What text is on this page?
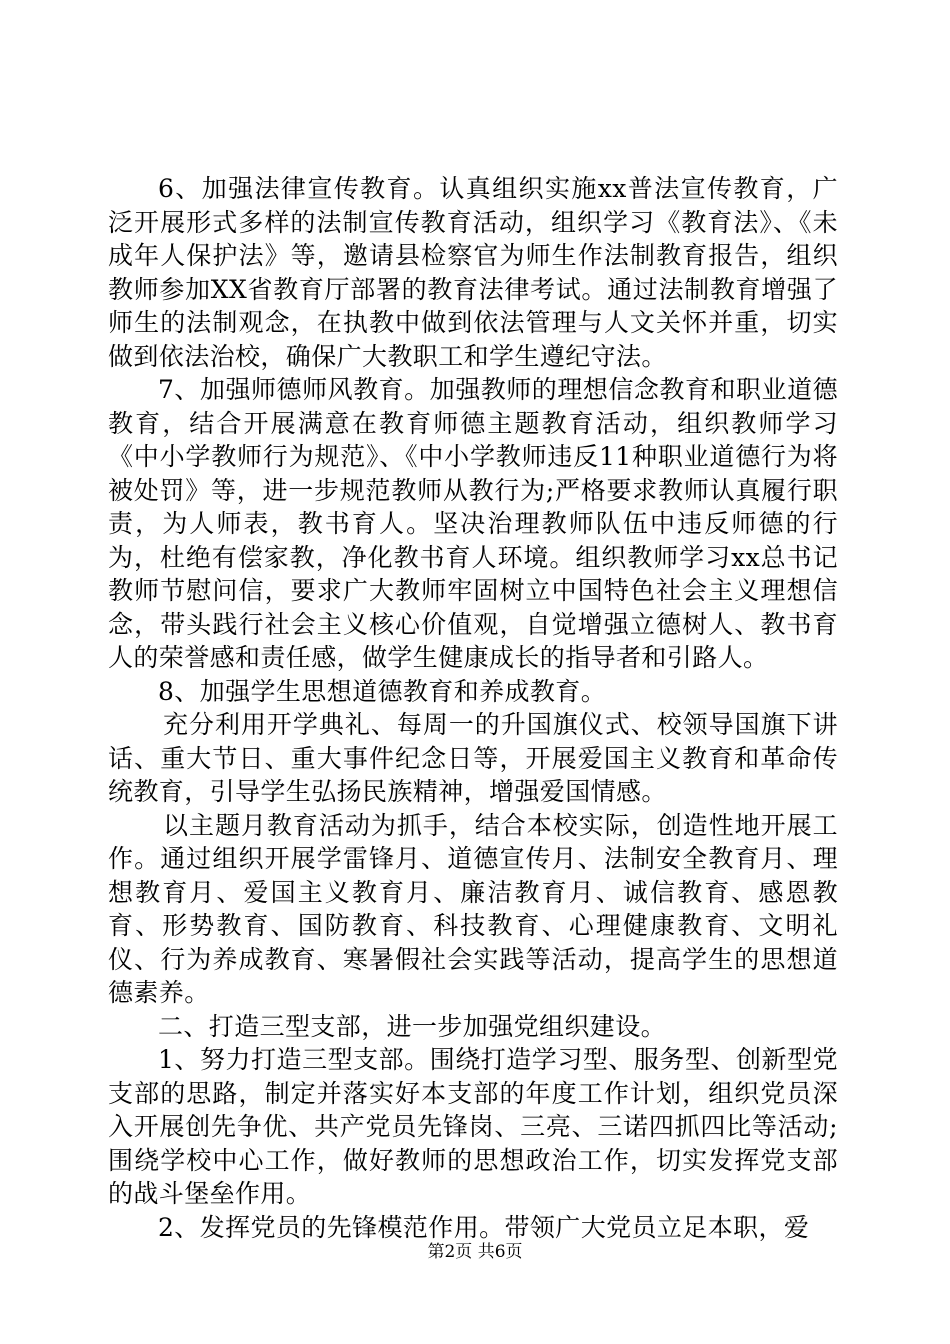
6、加强法律宣传教育。认真组织实施xx普法宣传教育，广泛开展形式多样的法制宣传教育活动，组织学习《教育法》、《未成年人保护法》等，邀请县检察官为师生作法制教育报告，组织教师参加XX省教育厅部署的教育法律考试。通过法制教育增强了师生的法制观念，在执教中做到依法管理与人文关怀并重，切实做到依法治校，确保广大教职工和学生遵纪守法。

7、加强师德师风教育。加强教师的理想信念教育和职业道德教育，结合开展满意在教育师德主题教育活动，组织教师学习《中小学教师行为规范》、《中小学教师违反11种职业道德行为将被处罚》等，进一步规范教师从教行为;严格要求教师认真履行职责，为人师表，教书育人。坚决治理教师队伍中违反师德的行为，杜绝有偿家教，净化教书育人环境。组织教师学习xx总书记教师节慰问信，要求广大教师牢固树立中国特色社会主义理想信念，带头践行社会主义核心价值观，自觉增强立德树人、教书育人的荣誉感和责任感，做学生健康成长的指导者和引路人。

8、加强学生思想道德教育和养成教育。

充分利用开学典礼、每周一的升国旗仪式、校领导国旗下讲话、重大节日、重大事件纪念日等，开展爱国主义教育和革命传统教育，引导学生弘扬民族精神，增强爱国情感。

以主题月教育活动为抓手，结合本校实际，创造性地开展工作。通过组织开展学雷锋月、道德宣传月、法制安全教育月、理想教育月、爱国主义教育月、廉洁教育月、诚信教育、感恩教育、形势教育、国防教育、科技教育、心理健康教育、文明礼仪、行为养成教育、寒暑假社会实践等活动，提高学生的思想道德素养。

二、打造三型支部，进一步加强党组织建设。

1、努力打造三型支部。围绕打造学习型、服务型、创新型党支部的思路，制定并落实好本支部的年度工作计划，组织党员深入开展创先争优、共产党员先锋岗、三亮、三诺四抓四比等活动;围绕学校中心工作，做好教师的思想政治工作，切实发挥党支部的战斗堡垒作用。

2、发挥党员的先锋模范作用。带领广大党员立足本职，爱

第2页 共6页
